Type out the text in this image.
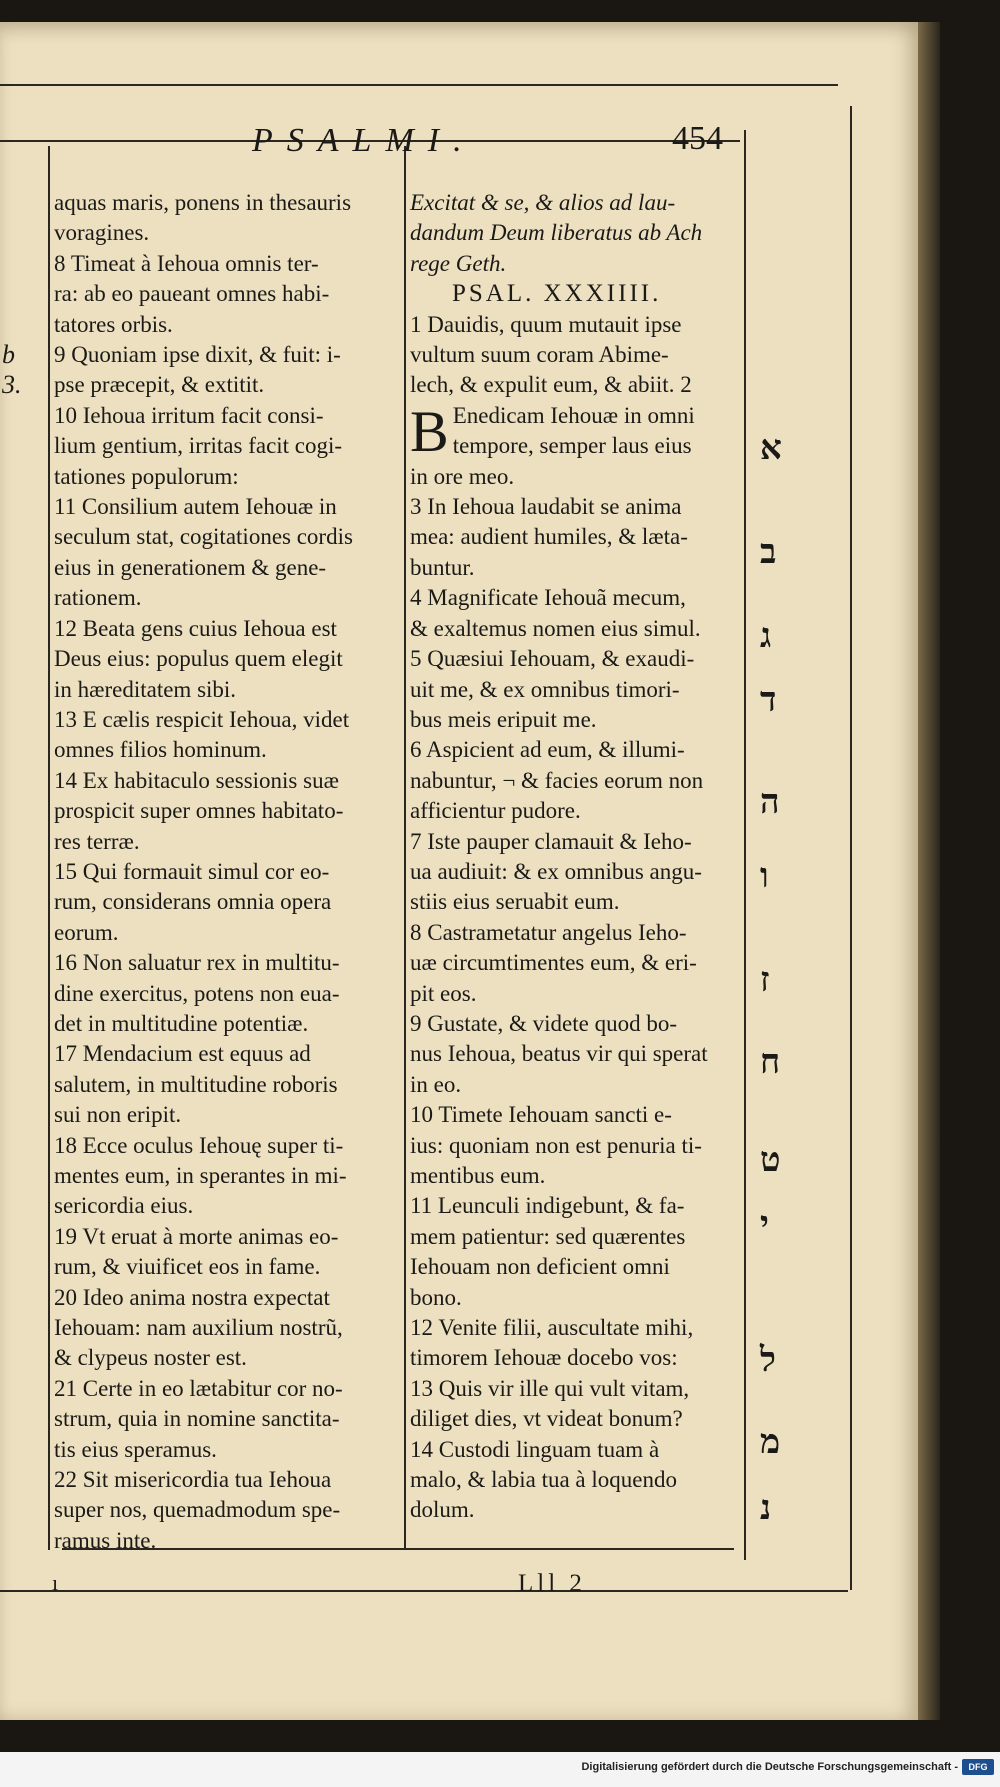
PSALMI.	454
b
3.

aquas maris, ponens in thesauris

voragines.

8 Timeat à Iehoua omnis ter-

ra: ab eo paueant omnes habi-

tatores orbis.

9 Quoniam ipse dixit, & fuit: i-

pse præcepit, & extitit.

10 Iehoua irritum facit consi-

lium gentium, irritas facit cogi-

tationes populorum:

11 Consilium autem Iehouæ in

seculum stat, cogitationes cordis

eius in generationem & gene-

rationem.

12 Beata gens cuius Iehoua est

Deus eius: populus quem elegit

in hæreditatem sibi.

13 E cælis respicit Iehoua, videt

omnes filios hominum.

14 Ex habitaculo sessionis suæ

prospicit super omnes habitato-

res terræ.

15 Qui formauit simul cor eo-

rum, considerans omnia opera

eorum.

16 Non saluatur rex in multitu-

dine exercitus, potens non eua-

det in multitudine potentiæ.

17 Mendacium est equus ad

salutem, in multitudine roboris

sui non eripit.

18 Ecce oculus Iehouę super ti-

mentes eum, in sperantes in mi-

sericordia eius.

19 Vt eruat à morte animas eo-

rum, & viuificet eos in fame.

20 Ideo anima nostra expectat

Iehouam: nam auxilium nostrũ,

& clypeus noster est.

21 Certe in eo lætabitur cor no-

strum, quia in nomine sanctita-

tis eius speramus.

22 Sit misericordia tua Iehoua

super nos, quemadmodum spe-

ramus inte.

Excitat & se, & alios ad lau-

dandum Deum liberatus ab Ach

rege Geth.

PSAL. XXXIIII.

1 Dauidis, quum mutauit ipse

vultum suum coram Abime-

lech, & expulit eum, & abiit. 2

B Enedicam Iehouæ in omni

tempore, semper laus eius

in ore meo.

3 In Iehoua laudabit se anima

mea: audient humiles, & læta-

buntur.

4 Magnificate Iehouã mecum,

& exaltemus nomen eius simul.

5 Quæsiui Iehouam, & exaudi-

uit me, & ex omnibus timori-

bus meis eripuit me.

6 Aspicient ad eum, & illumi-

nabuntur, ¬ & facies eorum non

afficientur pudore.

7 Iste pauper clamauit & Ieho-

ua audiuit: & ex omnibus angu-

stiis eius seruabit eum.

8 Castrametatur angelus Ieho-

uæ circumtimentes eum, & eri-

pit eos.

9 Gustate, & videte quod bo-

nus Iehoua, beatus vir qui sperat

in eo.

10 Timete Iehouam sancti e-

ius: quoniam non est penuria ti-

mentibus eum.

11 Leunculi indigebunt, & fa-

mem patientur: sed quærentes

Iehouam non deficient omni

bono.

12 Venite filii, auscultate mihi,

timorem Iehouæ docebo vos:

13 Quis vir ille qui vult vitam,

diliget dies, vt videat bonum?

14 Custodi linguam tuam à

malo, & labia tua à loquendo

dolum.

א
ב
ג
ד
ה
ו
ז
ח
ט
י
ל
מ
נ
ı	Lll 2
Digitalisierung gefördert durch die Deutsche Forschungsgemeinschaft -	DFG
